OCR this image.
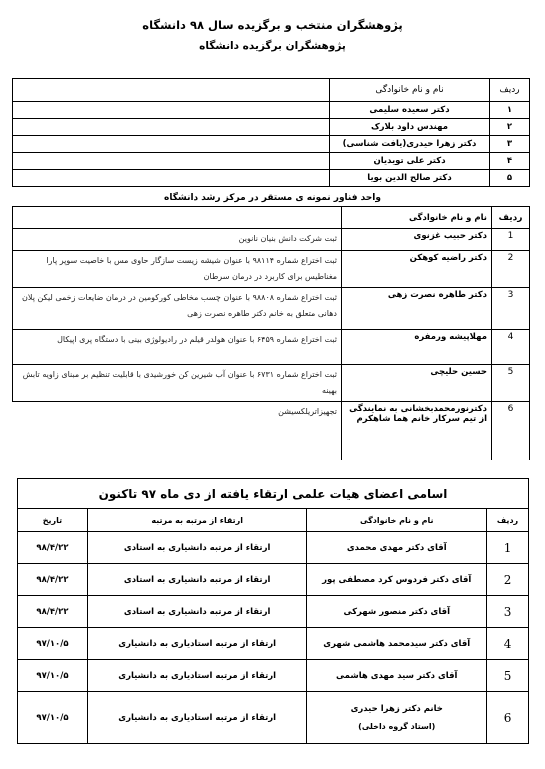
پژوهشگران منتخب و برگزیده سال ۹۸ دانشگاه
پژوهشگران برگزیده دانشگاه
ردیف	نام و نام خانوادگی	
۱	دکتر سعیده سلیمی	
۲	مهندس داود بلارک	
۳	دکتر زهرا حیدری(یافت شناسی)	
۴	دکتر علی تویدیان	
۵	دکتر صالح الدین بویا	
واحد فناور نمونه ی مستقر در مرکز رشد دانشگاه
ردیف	نام و نام خانوادگی	
1	دکتر حبیب غزنوی	ثبت شرکت دانش بنیان نانوین
2	دکتر راضیه کوهکن	ثبت اختراع شماره ۹۸۱۱۴ با عنوان شیشه زیست سازگار حاوی مس با خاصیت سوپر پارا مغناطیس برای کاربرد در درمان سرطان
3	دکتر طاهره نصرت زهی	ثبت اختراع شماره ۹۸۸۰۸ با عنوان چسب مخاطی کورکومین در درمان ضایعات زخمی لیکن پلان دهانی متعلق به خانم دکتر طاهره نصرت زهی
4	مهلاپیشه ورمفره	ثبت اختراع شماره ۶۴۵۹ با عنوان هولدر قیلم در رادیولوژی بینی با دستگاه پری اپیکال
5	حسین حلیچی	ثبت اختراع شماره ۶۷۳۱ با عنوان آب شیرین کن خورشیدی با قابلیت تنظیم بر مبنای زاویه تابش بهینه
6	دکترنورمحمدبخشانی به نمایندگی از تیم سرکار خانم هما شاهکرم	تجهیزاتریلکسیشن
اسامی اعضای هیات علمی ارتقاء یافته از دی ماه ۹۷ تاکنون			
ردیف	نام و نام خانوادگی	ارتقاء از مرتبه به مرتبه	تاریخ
1	آقای دکتر مهدی محمدی	ارتقاء از مرتبه دانشیاری به استادی	۹۸/۴/۲۲
2	آقای دکتر فردوس کرد مصطفی پور	ارتقاء از مرتبه دانشیاری به استادی	۹۸/۴/۲۲
3	آقای دکتر منصور شهرکی	ارتقاء از مرتبه دانشیاری به استادی	۹۸/۴/۲۲
4	آقای دکتر سیدمحمد هاشمی شهری	ارتقاء از مرتبه استادیاری به دانشیاری	۹۷/۱۰/۵
5	آقای دکتر سید مهدی هاشمی	ارتقاء از مرتبه استادیاری به دانشیاری	۹۷/۱۰/۵
6	خانم دکتر زهرا حیدری
(استاد گروه داخلی)	ارتقاء از مرتبه استادیاری به دانشیاری	۹۷/۱۰/۵
